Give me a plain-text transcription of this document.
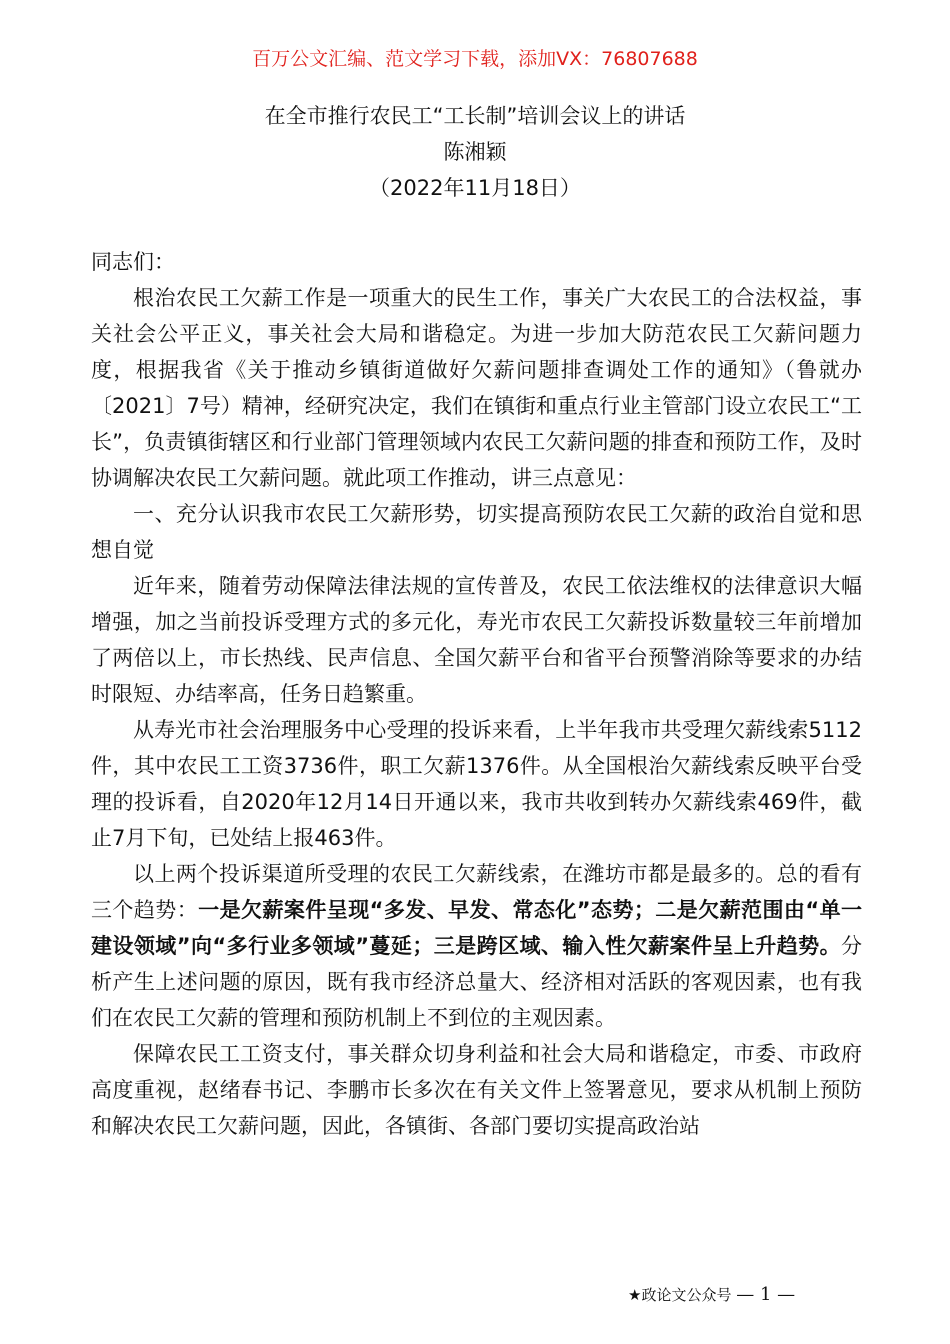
百万公文汇编、范文学习下载，添加VX：76807688
在全市推行农民工“工长制”培训会议上的讲话
陈湘颖
（2022年11月18日）

同志们：

根治农民工欠薪工作是一项重大的民生工作，事关广大农民工的合法权益，事关社会公平正义，事关社会大局和谐稳定。为进一步加大防范农民工欠薪问题力度，根据我省《关于推动乡镇街道做好欠薪问题排查调处工作的通知》（鲁就办〔2021〕7号）精神，经研究决定，我们在镇街和重点行业主管部门设立农民工“工长”，负责镇街辖区和行业部门管理领域内农民工欠薪问题的排查和预防工作，及时协调解决农民工欠薪问题。就此项工作推动，讲三点意见：

一、充分认识我市农民工欠薪形势，切实提高预防农民工欠薪的政治自觉和思想自觉

近年来，随着劳动保障法律法规的宣传普及，农民工依法维权的法律意识大幅增强，加之当前投诉受理方式的多元化，寿光市农民工欠薪投诉数量较三年前增加了两倍以上，市长热线、民声信息、全国欠薪平台和省平台预警消除等要求的办结时限短、办结率高，任务日趋繁重。

从寿光市社会治理服务中心受理的投诉来看，上半年我市共受理欠薪线索5112件，其中农民工工资3736件，职工欠薪1376件。从全国根治欠薪线索反映平台受理的投诉看，自2020年12月14日开通以来，我市共收到转办欠薪线索469件，截止7月下旬，已处结上报463件。

以上两个投诉渠道所受理的农民工欠薪线索，在潍坊市都是最多的。总的看有三个趋势：一是欠薪案件呈现“多发、早发、常态化”态势；二是欠薪范围由“单一建设领域”向“多行业多领域”蔓延；三是跨区域、输入性欠薪案件呈上升趋势。分析产生上述问题的原因，既有我市经济总量大、经济相对活跃的客观因素，也有我们在农民工欠薪的管理和预防机制上不到位的主观因素。

保障农民工工资支付，事关群众切身利益和社会大局和谐稳定，市委、市政府高度重视，赵绪春书记、李鹏市长多次在有关文件上签署意见，要求从机制上预防和解决农民工欠薪问题，因此，各镇街、各部门要切实提高政治站

★政论文公众号 — 1 —
